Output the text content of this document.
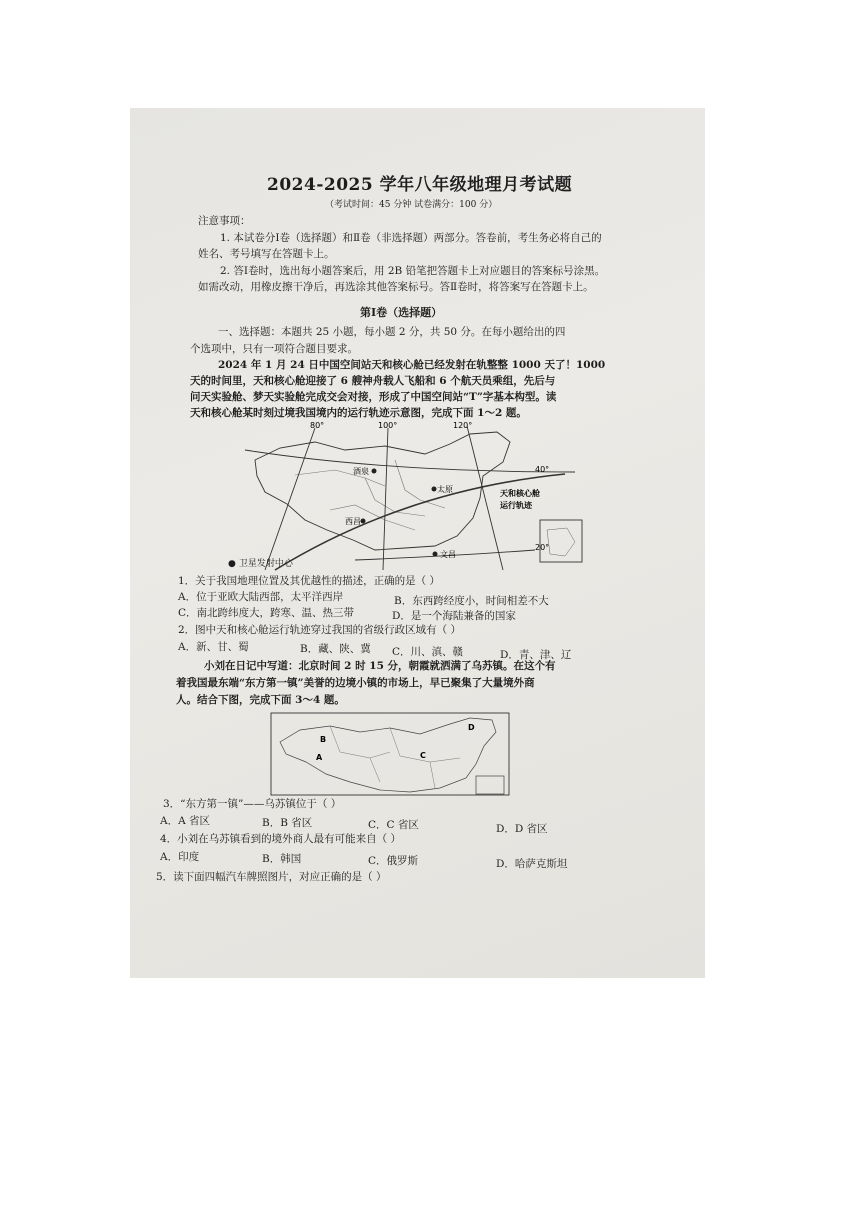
2024-2025 学年八年级地理月考试题
（考试时间：45 分钟 试卷满分：100 分）
注意事项：
1. 本试卷分Ⅰ卷（选择题）和Ⅱ卷（非选择题）两部分。答卷前，考生务必将自己的
姓名、考号填写在答题卡上。
2. 答Ⅰ卷时，选出每小题答案后，用 2B 铅笔把答题卡上对应题目的答案标号涂黑。
如需改动，用橡皮擦干净后，再选涂其他答案标号。答Ⅱ卷时，将答案写在答题卡上。
第Ⅰ卷（选择题）
一、选择题：本题共 25 小题，每小题 2 分，共 50 分。在每小题给出的四
个选项中，只有一项符合题目要求。
2024 年 1 月 24 日中国空间站天和核心舱已经发射在轨整整 1000 天了！1000
天的时间里，天和核心舱迎接了 6 艘神舟载人飞船和 6 个航天员乘组，先后与
问天实验舱、梦天实验舱完成交会对接，形成了中国空间站“T”字基本构型。读
天和核心舱某时刻过境我国境内的运行轨迹示意图，完成下面 1～2 题。
80°	100°	120°
40°
20°
酒泉
太原
西昌
文昌
天和核心舱
运行轨迹
● 卫星发射中心
1．关于我国地理位置及其优越性的描述，正确的是（ ）
A．位于亚欧大陆西部，太平洋西岸	B．东西跨经度小，时间相差不大
C．南北跨纬度大，跨寒、温、热三带	D．是一个海陆兼备的国家
2．图中天和核心舱运行轨迹穿过我国的省级行政区域有（ ）
A．新、甘、蜀	B．藏、陕、冀 C．川、滇、赣	D．青、津、辽
小刘在日记中写道：北京时间 2 时 15 分，朝霞就洒满了乌苏镇。在这个有
着我国最东端“东方第一镇”美誉的边境小镇的市场上，早已聚集了大量境外商
人。结合下图，完成下面 3～4 题。
B
A	C
D
3．“东方第一镇”——乌苏镇位于（ ）
A．A 省区	B．B 省区	C．C 省区	D．D 省区
4．小刘在乌苏镇看到的境外商人最有可能来自（ ）
A．印度	B．韩国	C．俄罗斯	D．哈萨克斯坦
5．读下面四幅汽车牌照图片，对应正确的是（ ）
